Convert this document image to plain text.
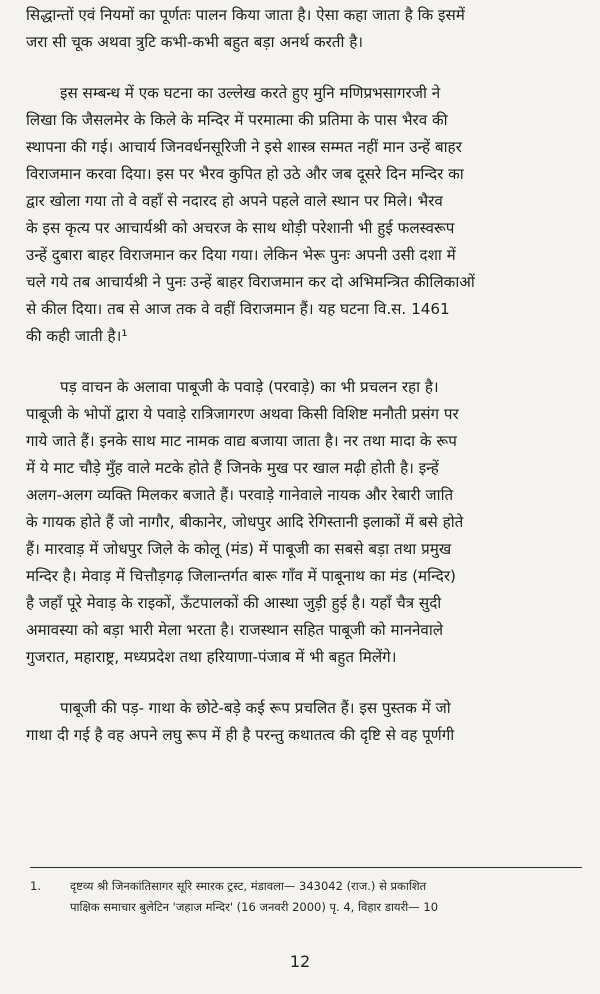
सिद्धान्तों एवं नियमों का पूर्णतः पालन किया जाता है। ऐसा कहा जाता है कि इसमें
जरा सी चूक अथवा त्रुटि कभी-कभी बहुत बड़ा अनर्थ करती है।

इस सम्बन्ध में एक घटना का उल्लेख करते हुए मुनि मणिप्रभसागरजी ने
लिखा कि जैसलमेर के किले के मन्दिर में परमात्मा की प्रतिमा के पास भैरव की
स्थापना की गई। आचार्य जिनवर्धनसूरिजी ने इसे शास्त्र सम्मत नहीं मान उन्हें बाहर
विराजमान करवा दिया। इस पर भैरव कुपित हो उठे और जब दूसरे दिन मन्दिर का
द्वार खोला गया तो वे वहाँ से नदारद हो अपने पहले वाले स्थान पर मिले। भैरव
के इस कृत्य पर आचार्यश्री को अचरज के साथ थोड़ी परेशानी भी हुई फलस्वरूप
उन्हें दुबारा बाहर विराजमान कर दिया गया। लेकिन भेरू पुनः अपनी उसी दशा में
चले गये तब आचार्यश्री ने पुनः उन्हें बाहर विराजमान कर दो अभिमन्त्रित कीलिकाओं
से कील दिया। तब से आज तक वे वहीं विराजमान हैं। यह घटना वि.स. 1461
की कही जाती है।¹

पड़ वाचन के अलावा पाबूजी के पवाड़े (परवाड़े) का भी प्रचलन रहा है।
पाबूजी के भोपों द्वारा ये पवाड़े रात्रिजागरण अथवा किसी विशिष्ट मनौती प्रसंग पर
गाये जाते हैं। इनके साथ माट नामक वाद्य बजाया जाता है। नर तथा मादा के रूप
में ये माट चौड़े मुँह वाले मटके होते हैं जिनके मुख पर खाल मढ़ी होती है। इन्हें
अलग-अलग व्यक्ति मिलकर बजाते हैं। परवाड़े गानेवाले नायक और रेबारी जाति
के गायक होते हैं जो नागौर, बीकानेर, जोधपुर आदि रेगिस्तानी इलाकों में बसे होते
हैं। मारवाड़ में जोधपुर जिले के कोलू (मंड) में पाबूजी का सबसे बड़ा तथा प्रमुख
मन्दिर है। मेवाड़ में चित्तौड़गढ़ जिलान्तर्गत बारू गाँव में पाबूनाथ का मंड (मन्दिर)
है जहाँ पूरे मेवाड़ के राइकों, ऊँटपालकों की आस्था जुड़ी हुई है। यहाँ चैत्र सुदी
अमावस्या को बड़ा भारी मेला भरता है। राजस्थान सहित पाबूजी को माननेवाले
गुजरात, महाराष्ट्र, मध्यप्रदेश तथा हरियाणा-पंजाब में भी बहुत मिलेंगे।

पाबूजी की पड़- गाथा के छोटे-बड़े कई रूप प्रचलित हैं। इस पुस्तक में जो
गाथा दी गई है वह अपने लघु रूप में ही है परन्तु कथातत्व की दृष्टि से वह पूर्णगी

1.	दृष्टव्य श्री जिनकांतिसागर सूरि स्मारक ट्रस्ट, मंडावला— 343042 (राज.) से प्रकाशित
पाक्षिक समाचार बुलेटिन 'जहाज मन्दिर' (16 जनवरी 2000) पृ. 4, विहार डायरी— 10
12
